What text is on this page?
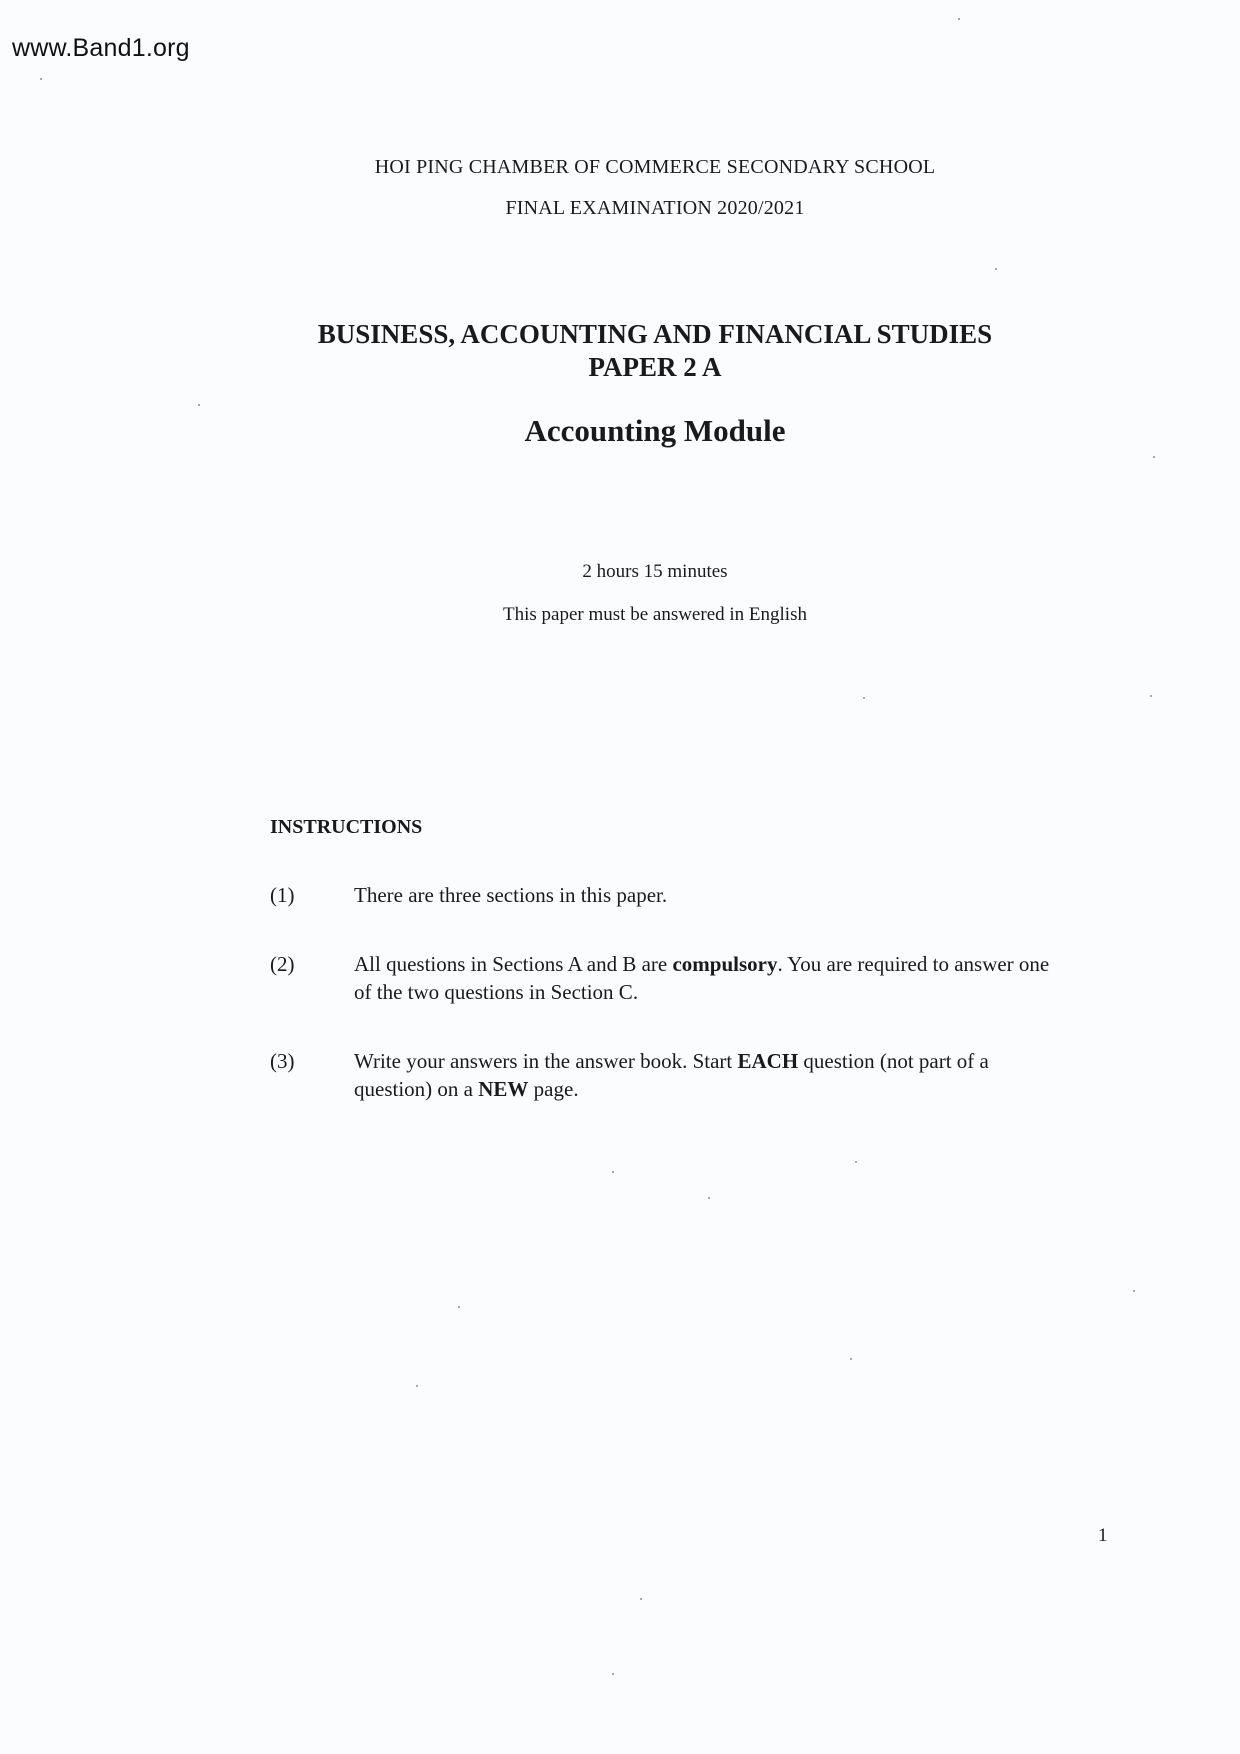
www.Band1.org
HOI PING CHAMBER OF COMMERCE SECONDARY SCHOOL
FINAL EXAMINATION 2020/2021
BUSINESS, ACCOUNTING AND FINANCIAL STUDIES
PAPER 2 A
Accounting Module
2 hours 15 minutes
This paper must be answered in English
INSTRUCTIONS
(1)	There are three sections in this paper.
(2)	All questions in Sections A and B are compulsory. You are required to answer one of the two questions in Section C.
(3)	Write your answers in the answer book. Start EACH question (not part of a question) on a NEW page.
1
